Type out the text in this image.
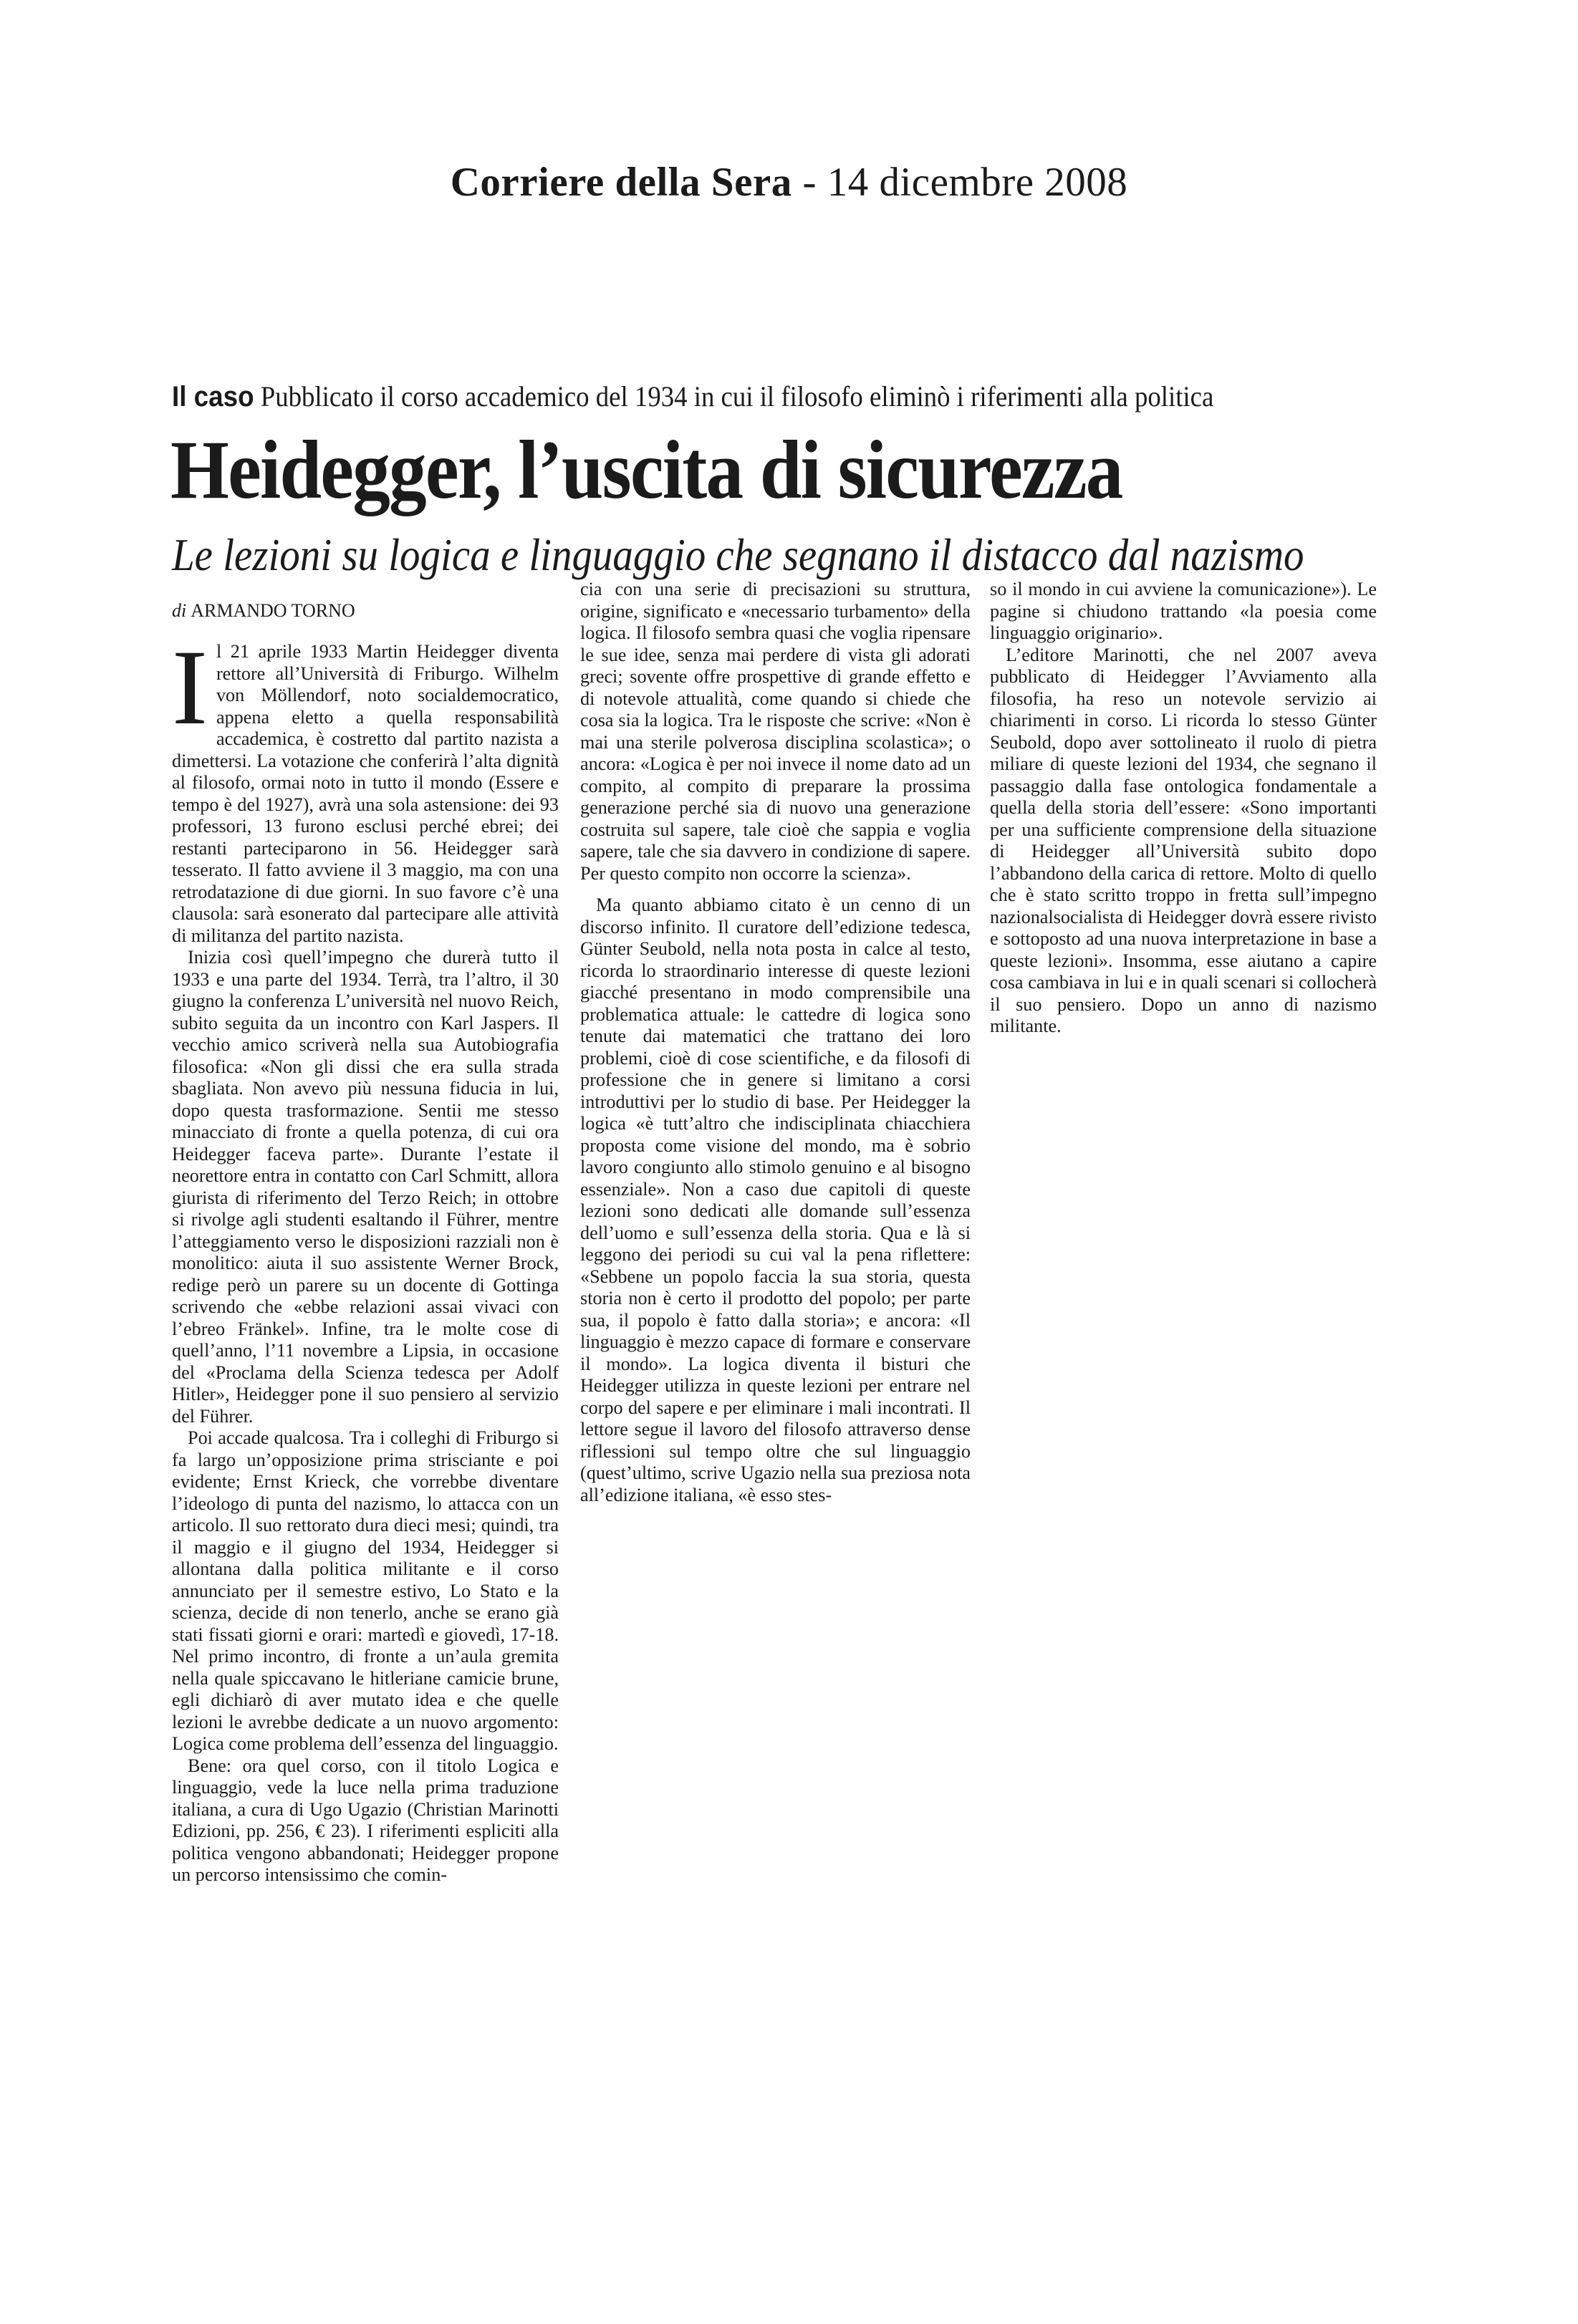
Corriere della Sera - 14 dicembre 2008
Il caso Pubblicato il corso accademico del 1934 in cui il filosofo eliminò i riferimenti alla politica
Heidegger, l’uscita di sicurezza
Le lezioni su logica e linguaggio che segnano il distacco dal nazismo
di ARMANDO TORNO

Il 21 aprile 1933 Martin Heidegger diventa rettore all’Università di Friburgo. Wilhelm von Möllendorf, noto socialdemocratico, appena eletto a quella responsabilità accademica, è costretto dal partito nazista a dimettersi. La votazione che conferirà l’alta dignità al filosofo, ormai noto in tutto il mondo (Essere e tempo è del 1927), avrà una sola astensione: dei 93 professori, 13 furono esclusi perché ebrei; dei restanti parteciparono in 56. Heidegger sarà tesserato. Il fatto avviene il 3 maggio, ma con una retrodatazione di due giorni. In suo favore c’è una clausola: sarà esonerato dal partecipare alle attività di militanza del partito nazista.

Inizia così quell’impegno che durerà tutto il 1933 e una parte del 1934. Terrà, tra l’altro, il 30 giugno la conferenza L’università nel nuovo Reich, subito seguita da un incontro con Karl Jaspers. Il vecchio amico scriverà nella sua Autobiografia filosofica: «Non gli dissi che era sulla strada sbagliata. Non avevo più nessuna fiducia in lui, dopo questa trasformazione. Sentii me stesso minacciato di fronte a quella potenza, di cui ora Heidegger faceva parte». Durante l’estate il neorettore entra in contatto con Carl Schmitt, allora giurista di riferimento del Terzo Reich; in ottobre si rivolge agli studenti esaltando il Führer, mentre l’atteggiamento verso le disposizioni razziali non è monolitico: aiuta il suo assistente Werner Brock, redige però un parere su un docente di Gottinga scrivendo che «ebbe relazioni assai vivaci con l’ebreo Fränkel». Infine, tra le molte cose di quell’anno, l’11 novembre a Lipsia, in occasione del «Proclama della Scienza tedesca per Adolf Hitler», Heidegger pone il suo pensiero al servizio del Führer.

Poi accade qualcosa. Tra i colleghi di Friburgo si fa largo un’opposizione prima strisciante e poi evidente; Ernst Krieck, che vorrebbe diventare l’ideologo di punta del nazismo, lo attacca con un articolo. Il suo rettorato dura dieci mesi; quindi, tra il maggio e il giugno del 1934, Heidegger si allontana dalla politica militante e il corso annunciato per il semestre estivo, Lo Stato e la scienza, decide di non tenerlo, anche se erano già stati fissati giorni e orari: martedì e giovedì, 17-18. Nel primo incontro, di fronte a un’aula gremita nella quale spiccavano le hitleriane camicie brune, egli dichiarò di aver mutato idea e che quelle lezioni le avrebbe dedicate a un nuovo argomento: Logica come problema dell’essenza del linguaggio.

Bene: ora quel corso, con il titolo Logica e linguaggio, vede la luce nella prima traduzione italiana, a cura di Ugo Ugazio (Christian Marinotti Edizioni, pp. 256, € 23). I riferimenti espliciti alla politica vengono abbandonati; Heidegger propone un percorso intensissimo che comin-

cia con una serie di precisazioni su struttura, origine, significato e «necessario turbamento» della logica. Il filosofo sembra quasi che voglia ripensare le sue idee, senza mai perdere di vista gli adorati greci; sovente offre prospettive di grande effetto e di notevole attualità, come quando si chiede che cosa sia la logica. Tra le risposte che scrive: «Non è mai una sterile polverosa disciplina scolastica»; o ancora: «Logica è per noi invece il nome dato ad un compito, al compito di preparare la prossima generazione perché sia di nuovo una generazione costruita sul sapere, tale cioè che sappia e voglia sapere, tale che sia davvero in condizione di sapere. Per questo compito non occorre la scienza».

Ma quanto abbiamo citato è un cenno di un discorso infinito. Il curatore dell’edizione tedesca, Günter Seubold, nella nota posta in calce al testo, ricorda lo straordinario interesse di queste lezioni giacché presentano in modo comprensibile una problematica attuale: le cattedre di logica sono tenute dai matematici che trattano dei loro problemi, cioè di cose scientifiche, e da filosofi di professione che in genere si limitano a corsi introduttivi per lo studio di base. Per Heidegger la logica «è tutt’altro che indisciplinata chiacchiera proposta come visione del mondo, ma è sobrio lavoro congiunto allo stimolo genuino e al bisogno essenziale». Non a caso due capitoli di queste lezioni sono dedicati alle domande sull’essenza dell’uomo e sull’essenza della storia. Qua e là si leggono dei periodi su cui val la pena riflettere: «Sebbene un popolo faccia la sua storia, questa storia non è certo il prodotto del popolo; per parte sua, il popolo è fatto dalla storia»; e ancora: «Il linguaggio è mezzo capace di formare e conservare il mondo». La logica diventa il bisturi che Heidegger utilizza in queste lezioni per entrare nel corpo del sapere e per eliminare i mali incontrati. Il lettore segue il lavoro del filosofo attraverso dense riflessioni sul tempo oltre che sul linguaggio (quest’ultimo, scrive Ugazio nella sua preziosa nota all’edizione italiana, «è esso stes-

so il mondo in cui avviene la comunicazione»). Le pagine si chiudono trattando «la poesia come linguaggio originario».

L’editore Marinotti, che nel 2007 aveva pubblicato di Heidegger l’Avviamento alla filosofia, ha reso un notevole servizio ai chiarimenti in corso. Li ricorda lo stesso Günter Seubold, dopo aver sottolineato il ruolo di pietra miliare di queste lezioni del 1934, che segnano il passaggio dalla fase ontologica fondamentale a quella della storia dell’essere: «Sono importanti per una sufficiente comprensione della situazione di Heidegger all’Università subito dopo l’abbandono della carica di rettore. Molto di quello che è stato scritto troppo in fretta sull’impegno nazionalsocialista di Heidegger dovrà essere rivisto e sottoposto ad una nuova interpretazione in base a queste lezioni». Insomma, esse aiutano a capire cosa cambiava in lui e in quali scenari si collocherà il suo pensiero. Dopo un anno di nazismo militante.
